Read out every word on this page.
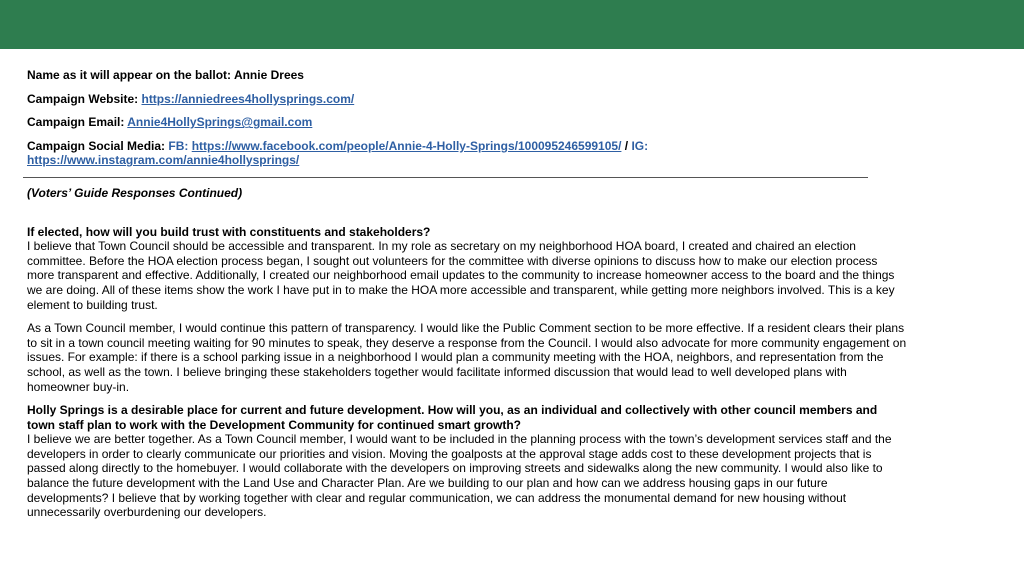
Name as it will appear on the ballot: Annie Drees

Campaign Website: https://anniedrees4hollysprings.com/

Campaign Email: Annie4HollySprings@gmail.com

Campaign Social Media: FB: https://www.facebook.com/people/Annie-4-Holly-Springs/100095246599105/ / IG: https://www.instagram.com/annie4hollysprings/

(Voters’ Guide Responses Continued)

If elected, how will you build trust with constituents and stakeholders?

I believe that Town Council should be accessible and transparent. In my role as secretary on my neighborhood HOA board, I created and chaired an election committee. Before the HOA election process began, I sought out volunteers for the committee with diverse opinions to discuss how to make our election process more transparent and effective. Additionally, I created our neighborhood email updates to the community to increase homeowner access to the board and the things we are doing. All of these items show the work I have put in to make the HOA more accessible and transparent, while getting more neighbors involved. This is a key element to building trust.

As a Town Council member, I would continue this pattern of transparency. I would like the Public Comment section to be more effective. If a resident clears their plans to sit in a town council meeting waiting for 90 minutes to speak, they deserve a response from the Council. I would also advocate for more community engagement on issues. For example: if there is a school parking issue in a neighborhood I would plan a community meeting with the HOA, neighbors, and representation from the school, as well as the town. I believe bringing these stakeholders together would facilitate informed discussion that would lead to well developed plans with homeowner buy-in.

Holly Springs is a desirable place for current and future development. How will you, as an individual and collectively with other council members and town staff plan to work with the Development Community for continued smart growth?

I believe we are better together. As a Town Council member, I would want to be included in the planning process with the town’s development services staff and the developers in order to clearly communicate our priorities and vision. Moving the goalposts at the approval stage adds cost to these development projects that is passed along directly to the homebuyer. I would collaborate with the developers on improving streets and sidewalks along the new community. I would also like to balance the future development with the Land Use and Character Plan. Are we building to our plan and how can we address housing gaps in our future developments? I believe that by working together with clear and regular communication, we can address the monumental demand for new housing without unnecessarily overburdening our developers.
